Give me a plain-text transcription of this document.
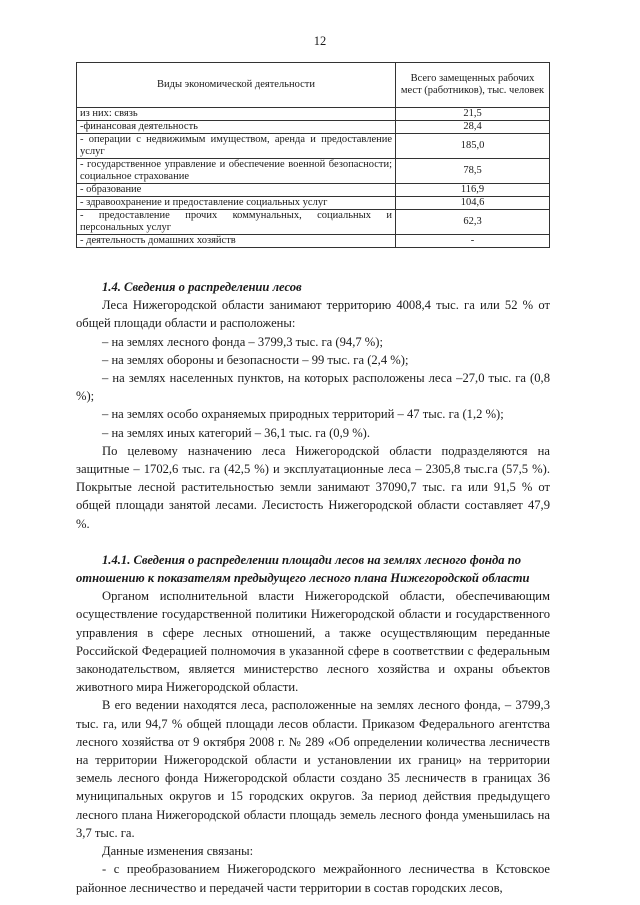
12
Виды экономической деятельности	Всего замещенных рабочих мест (работников), тыс. человек
из них: связь	21,5
-финансовая деятельность	28,4
- операции с недвижимым имуществом, аренда и предоставление услуг	185,0
- государственное управление и обеспечение военной безопасности; социальное страхование	78,5
- образование	116,9
- здравоохранение и предоставление социальных услуг	104,6
- предоставление прочих коммунальных, социальных и персональных услуг	62,3
- деятельность домашних хозяйств	-
1.4. Сведения о распределении лесов

Леса Нижегородской области занимают территорию 4008,4 тыс. га или 52 % от общей площади области и расположены:

– на землях лесного фонда – 3799,3 тыс. га (94,7 %);

– на землях обороны и безопасности – 99 тыс. га (2,4 %);

– на землях населенных пунктов, на которых расположены леса –27,0 тыс. га (0,8 %);

– на землях особо охраняемых природных территорий – 47 тыс. га (1,2 %);

– на землях иных категорий – 36,1 тыс. га (0,9 %).

По целевому назначению леса Нижегородской области подразделяются на защитные – 1702,6 тыс. га (42,5 %) и эксплуатационные леса – 2305,8 тыс.га (57,5 %). Покрытые лесной растительностью земли занимают 37090,7 тыс. га или 91,5 % от общей площади занятой лесами. Лесистость Нижегородской области составляет 47,9 %.

1.4.1. Сведения о распределении площади лесов на землях лесного фонда по отношению к показателям предыдущего лесного плана Нижегородской области

Органом исполнительной власти Нижегородской области, обеспечивающим осуществление государственной политики Нижегородской области и государственного управления в сфере лесных отношений, а также осуществляющим переданные Российской Федерацией полномочия в указанной сфере в соответствии с федеральным законодательством, является министерство лесного хозяйства и охраны объектов животного мира Нижегородской области.

В его ведении находятся леса, расположенные на землях лесного фонда, – 3799,3 тыс. га, или 94,7 % общей площади лесов области. Приказом Федерального агентства лесного хозяйства от 9 октября 2008 г. № 289 «Об определении количества лесничеств на территории Нижегородской области и установлении их границ» на территории земель лесного фонда Нижегородской области создано 35 лесничеств в границах 36 муниципальных округов и 15 городских округов. За период действия предыдущего лесного плана Нижегородской области площадь земель лесного фонда уменьшилась на 3,7 тыс. га.

Данные изменения связаны:

- с преобразованием Нижегородского межрайонного лесничества в Кстовское районное лесничество и передачей части территории в состав городских лесов,
